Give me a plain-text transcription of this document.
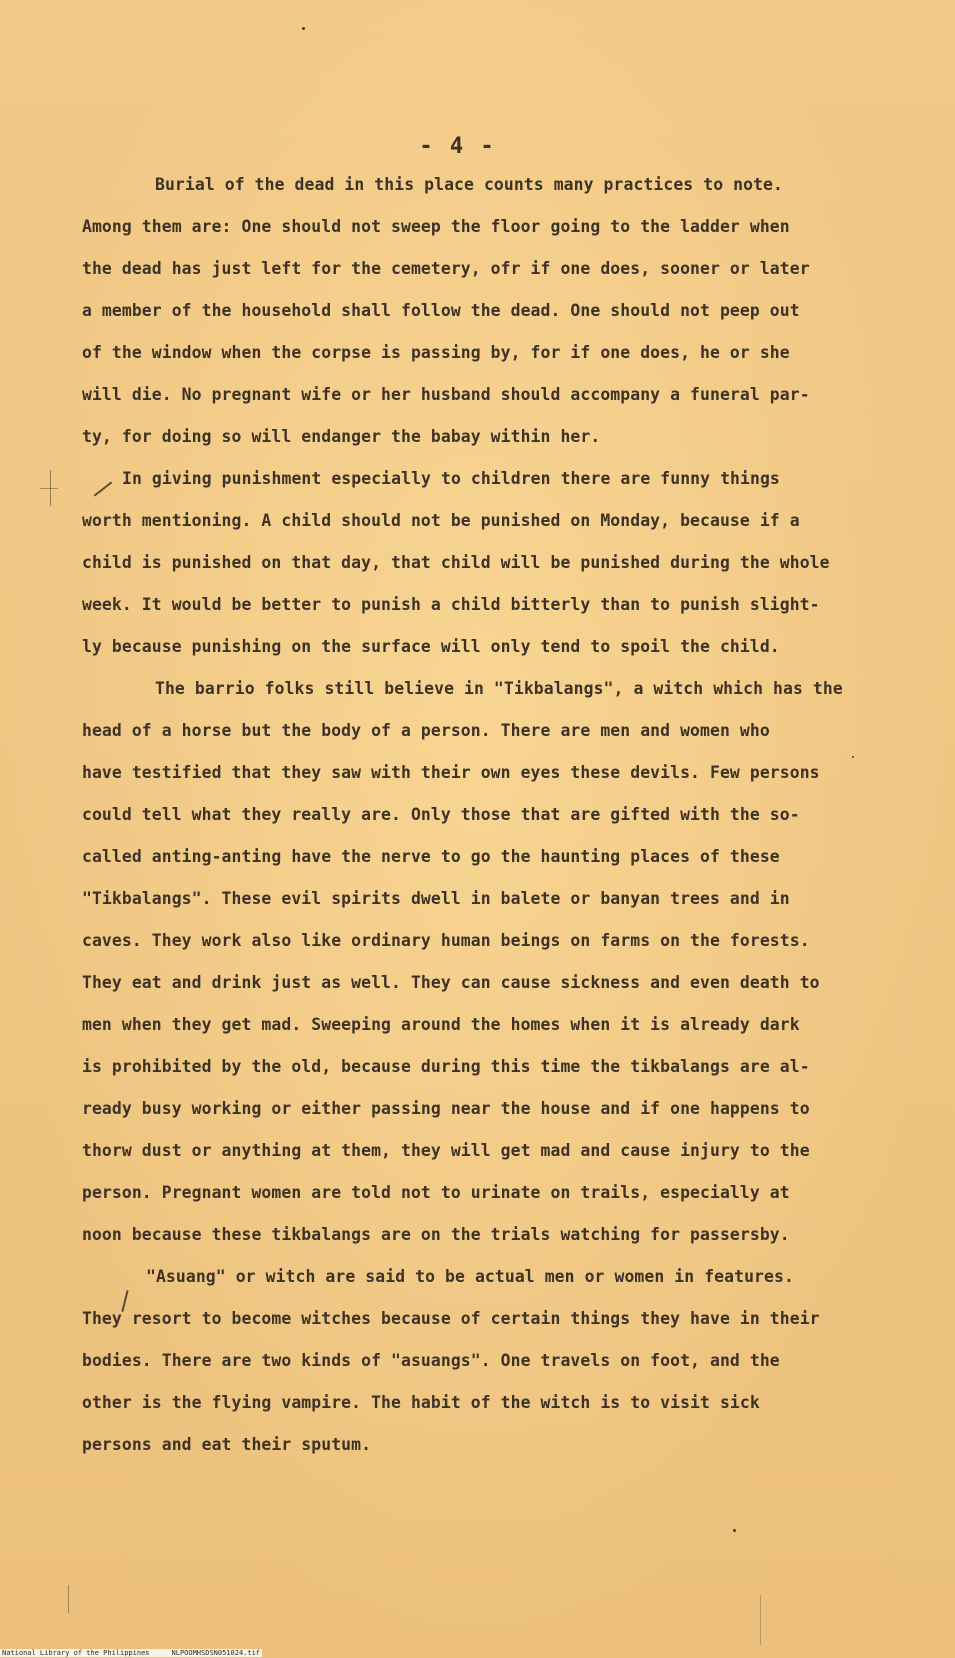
- 4 -
Burial of the dead in this place counts many practices to note.
Among them are: One should not sweep the floor going to the ladder when
the dead has just left for the cemetery, ofr if one does, sooner or later
a member of the household shall follow the dead. One should not peep out
of the window when the corpse is passing by, for if one does, he or she
will die. No pregnant wife or her husband should accompany a funeral par-
ty, for doing so will endanger the babay within her.
In giving punishment especially to children there are funny things
worth mentioning. A child should not be punished on Monday, because if a
child is punished on that day, that child will be punished during the whole
week. It would be better to punish a child bitterly than to punish slight-
ly because punishing on the surface will only tend to spoil the child.
The barrio folks still believe in "Tikbalangs", a witch which has the
head of a horse but the body of a person. There are men and women who
have testified that they saw with their own eyes these devils. Few persons
could tell what they really are. Only those that are gifted with the so-
called anting-anting have the nerve to go the haunting places of these
"Tikbalangs". These evil spirits dwell in balete or banyan trees and in
caves. They work also like ordinary human beings on farms on the forests.
They eat and drink just as well. They can cause sickness and even death to
men when they get mad. Sweeping around the homes when it is already dark
is prohibited by the old, because during this time the tikbalangs are al-
ready busy working or either passing near the house and if one happens to
thorw dust or anything at them, they will get mad and cause injury to the
person. Pregnant women are told not to urinate on trails, especially at
noon because these tikbalangs are on the trials watching for passersby.
"Asuang" or witch are said to be actual men or women in features.
They resort to become witches because of certain things they have in their
bodies. There are two kinds of "asuangs". One travels on foot, and the
other is the flying vampire. The habit of the witch is to visit sick
persons and eat their sputum.
National Library of the Philippines	NLPOOMHSDSN051024.tif
